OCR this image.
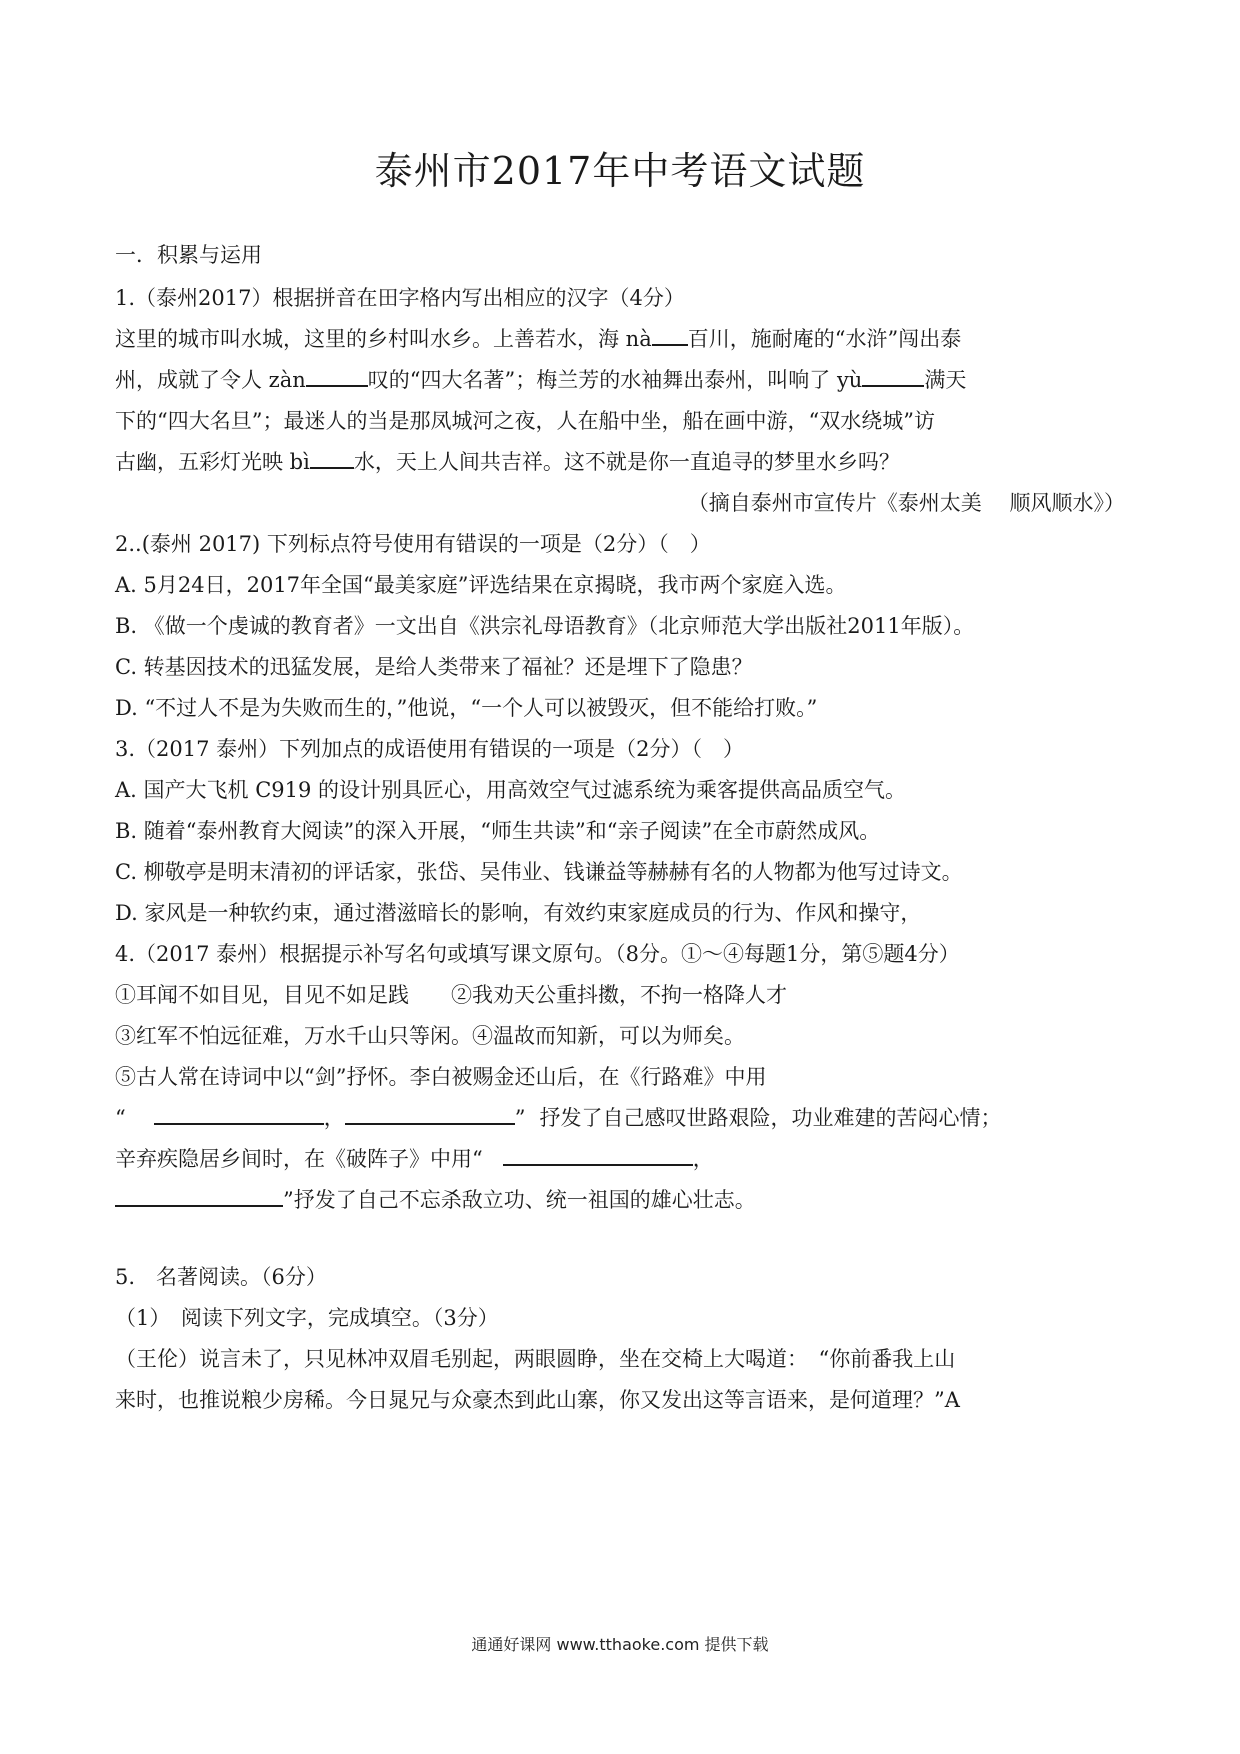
泰州市2017年中考语文试题
一．积累与运用
1.（泰州2017）根据拼音在田字格内写出相应的汉字（4分）
这里的城市叫水城，这里的乡村叫水乡。上善若水，海 nà 百川，施耐庵的“水浒”闯出泰
州，成就了令人 zàn	叹的“四大名著”；梅兰芳的水袖舞出泰州，叫响了 yù	满天
下的“四大名旦”；最迷人的当是那凤城河之夜，人在船中坐，船在画中游，“双水绕城”访
古幽，五彩灯光映 bì 水，天上人间共吉祥。这不就是你一直追寻的梦里水乡吗？
（摘自泰州市宣传片《泰州太美　 顺风顺水》）
2..(泰州 2017) 下列标点符号使用有错误的一项是（2分）（　）
A. 5月24日，2017年全国“最美家庭”评选结果在京揭晓，我市两个家庭入选。
B. 《做一个虔诚的教育者》一文出自《洪宗礼母语教育》（北京师范大学出版社2011年版）。
C. 转基因技术的迅猛发展，是给人类带来了福祉？还是埋下了隐患？
D. “不过人不是为失败而生的，”他说，“一个人可以被毁灭，但不能给打败。”
3.（2017 泰州）下列加点的成语使用有错误的一项是（2分）（　）
A. 国产大飞机 C919 的设计别具匠心，用高效空气过滤系统为乘客提供高品质空气。
B. 随着“泰州教育大阅读”的深入开展，“师生共读”和“亲子阅读”在全市蔚然成风。
C. 柳敬亭是明末清初的评话家，张岱、吴伟业、钱谦益等赫赫有名的人物都为他写过诗文。
D. 家风是一种软约束，通过潜滋暗长的影响，有效约束家庭成员的行为、作风和操守，
4.（2017 泰州）根据提示补写名句或填写课文原句。（8分。①～④每题1分，第⑤题4分）
①耳闻不如目见，目见不如足践　　②我劝天公重抖擞，不拘一格降人才
③红军不怕远征难，万水千山只等闲。④温故而知新，可以为师矣。
⑤古人常在诗词中以“剑”抒怀。李白被赐金还山后，在《行路难》中用
“	，	” 抒发了自己感叹世路艰险，功业难建的苦闷心情；
辛弃疾隐居乡间时，在《破阵子》中用“	，
”抒发了自己不忘杀敌立功、统一祖国的雄心壮志。
5.　名著阅读。（6分）
（1）　阅读下列文字，完成填空。（3分）
（王伦）说言未了，只见林冲双眉毛别起，两眼圆睁，坐在交椅上大喝道：　“你前番我上山
来时，也推说粮少房稀。今日晁兄与众豪杰到此山寨，你又发出这等言语来，是何道理？”A
通通好课网 www.tthaoke.com 提供下载
